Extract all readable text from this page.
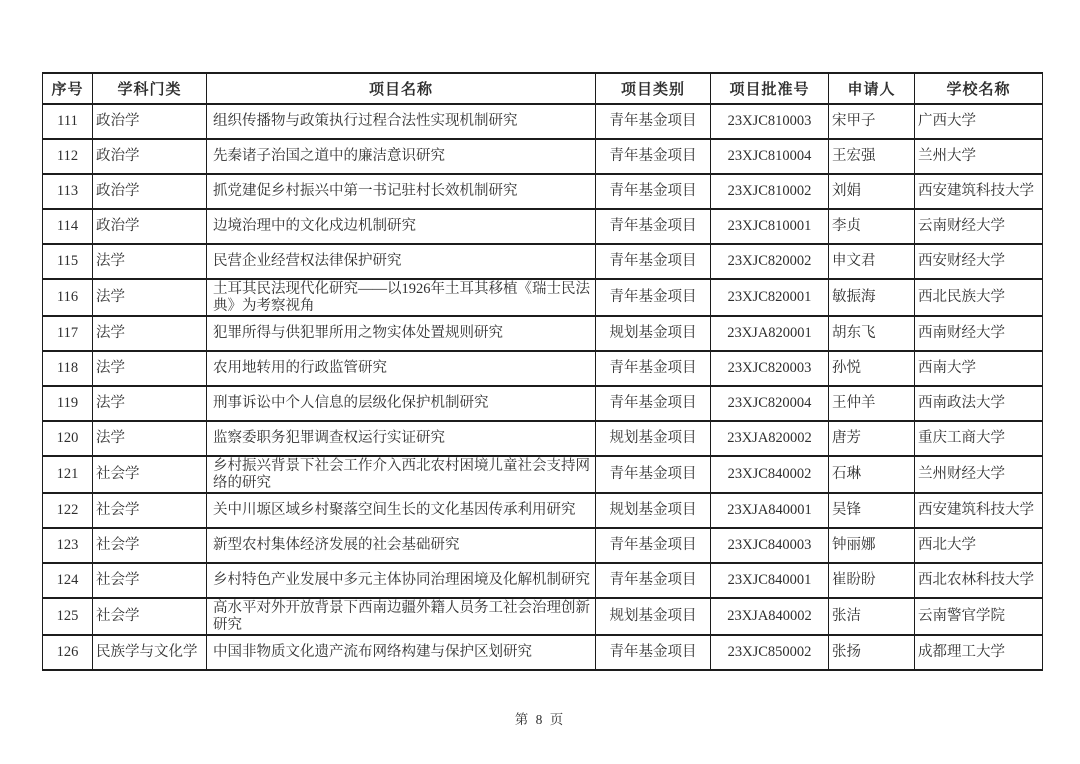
序号	学科门类	项目名称	项目类别	项目批准号	申请人	学校名称
111	政治学	组织传播物与政策执行过程合法性实现机制研究	青年基金项目	23XJC810003	宋甲子	广西大学
112	政治学	先秦诸子治国之道中的廉洁意识研究	青年基金项目	23XJC810004	王宏强	兰州大学
113	政治学	抓党建促乡村振兴中第一书记驻村长效机制研究	青年基金项目	23XJC810002	刘娟	西安建筑科技大学
114	政治学	边境治理中的文化戍边机制研究	青年基金项目	23XJC810001	李贞	云南财经大学
115	法学	民营企业经营权法律保护研究	青年基金项目	23XJC820002	申文君	西安财经大学
116	法学	土耳其民法现代化研究——以1926年土耳其移植《瑞士民法典》为考察视角	青年基金项目	23XJC820001	敏振海	西北民族大学
117	法学	犯罪所得与供犯罪所用之物实体处置规则研究	规划基金项目	23XJA820001	胡东飞	西南财经大学
118	法学	农用地转用的行政监管研究	青年基金项目	23XJC820003	孙悦	西南大学
119	法学	刑事诉讼中个人信息的层级化保护机制研究	青年基金项目	23XJC820004	王仲羊	西南政法大学
120	法学	监察委职务犯罪调查权运行实证研究	规划基金项目	23XJA820002	唐芳	重庆工商大学
121	社会学	乡村振兴背景下社会工作介入西北农村困境儿童社会支持网络的研究	青年基金项目	23XJC840002	石琳	兰州财经大学
122	社会学	关中川塬区域乡村聚落空间生长的文化基因传承利用研究	规划基金项目	23XJA840001	吴锋	西安建筑科技大学
123	社会学	新型农村集体经济发展的社会基础研究	青年基金项目	23XJC840003	钟丽娜	西北大学
124	社会学	乡村特色产业发展中多元主体协同治理困境及化解机制研究	青年基金项目	23XJC840001	崔盼盼	西北农林科技大学
125	社会学	高水平对外开放背景下西南边疆外籍人员务工社会治理创新研究	规划基金项目	23XJA840002	张洁	云南警官学院
126	民族学与文化学	中国非物质文化遗产流布网络构建与保护区划研究	青年基金项目	23XJC850002	张扬	成都理工大学
第 8 页
